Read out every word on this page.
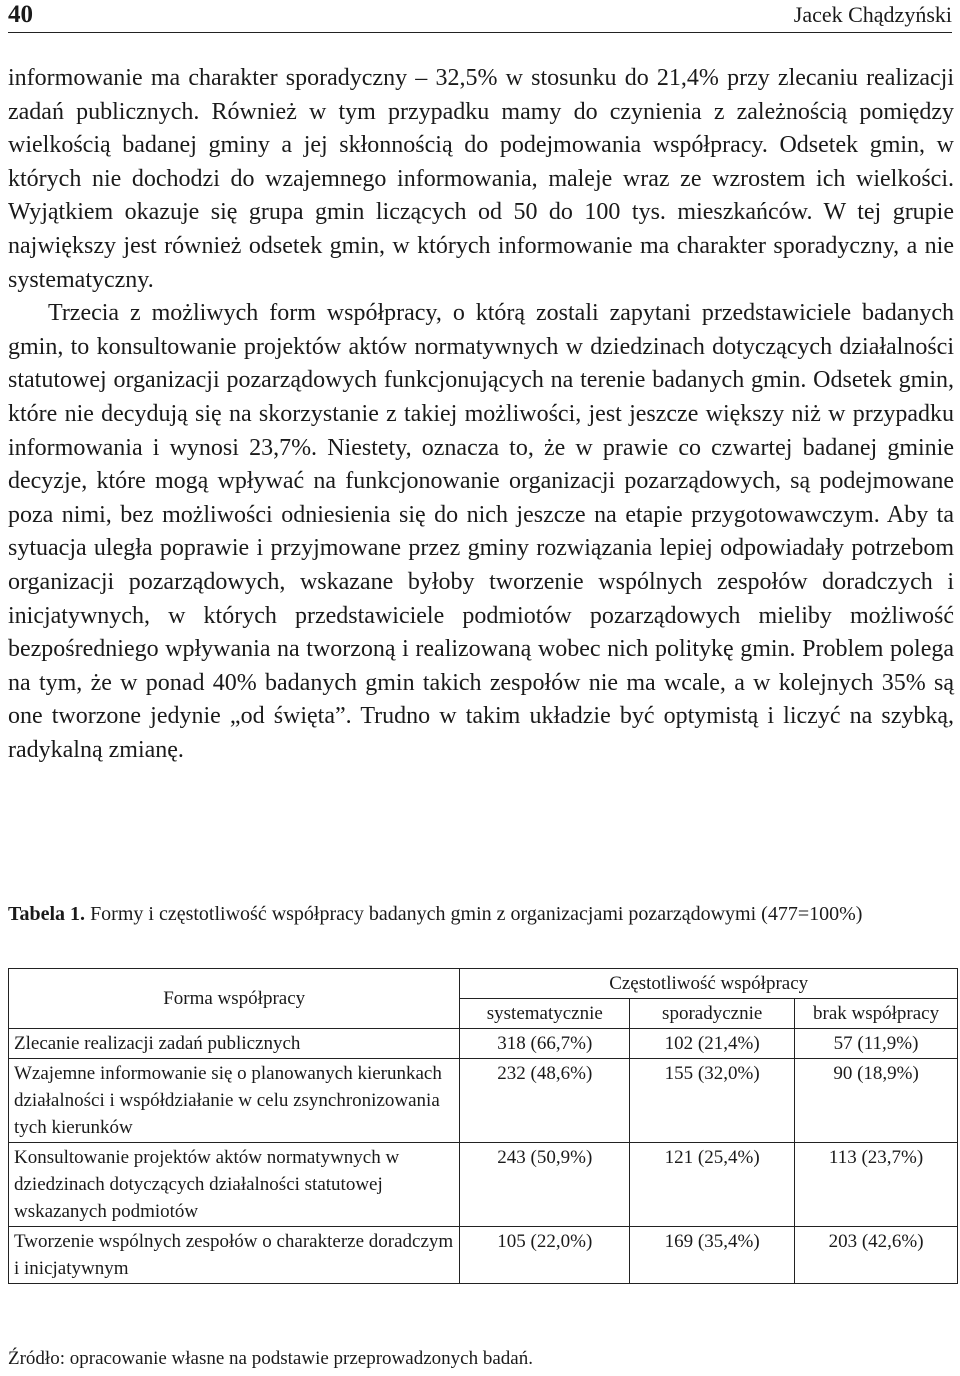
40	Jacek Chądzyński

informowanie ma charakter sporadyczny – 32,5% w stosunku do 21,4% przy zlecaniu realizacji zadań publicznych. Również w tym przypadku mamy do czynienia z zależnością pomiędzy wielkością badanej gminy a jej skłonnością do podejmowania współpracy. Odsetek gmin, w których nie dochodzi do wzajemnego informowania, maleje wraz ze wzrostem ich wielkości. Wyjątkiem okazuje się grupa gmin liczących od 50 do 100 tys. mieszkańców. W tej grupie największy jest również odsetek gmin, w których informowanie ma charakter sporadyczny, a nie systematyczny.

Trzecia z możliwych form współpracy, o którą zostali zapytani przedstawiciele badanych gmin, to konsultowanie projektów aktów normatywnych w dziedzinach dotyczących działalności statutowej organizacji pozarządowych funkcjonujących na terenie badanych gmin. Odsetek gmin, które nie decydują się na skorzystanie z takiej możliwości, jest jeszcze większy niż w przypadku informowania i wynosi 23,7%. Niestety, oznacza to, że w prawie co czwartej badanej gminie decyzje, które mogą wpływać na funkcjonowanie organizacji pozarządowych, są podejmowane poza nimi, bez możliwości odniesienia się do nich jeszcze na etapie przygotowawczym. Aby ta sytuacja uległa poprawie i przyjmowane przez gminy rozwiązania lepiej odpowiadały potrzebom organizacji pozarządowych, wskazane byłoby tworzenie wspólnych zespołów doradczych i inicjatywnych, w których przedstawiciele podmiotów pozarządowych mieliby możliwość bezpośredniego wpływania na tworzoną i realizowaną wobec nich politykę gmin. Problem polega na tym, że w ponad 40% badanych gmin takich zespołów nie ma wcale, a w kolejnych 35% są one tworzone jedynie „od święta”. Trudno w takim układzie być optymistą i liczyć na szybką, radykalną zmianę.

Tabela 1. Formy i częstotliwość współpracy badanych gmin z organizacjami pozarządowymi (477=100%)
Forma współpracy	Częstotliwość współpracy		
	systematycznie	sporadycznie	brak współpracy
Zlecanie realizacji zadań publicznych	318 (66,7%)	102 (21,4%)	57 (11,9%)
Wzajemne informowanie się o planowanych kierunkach działalności i współdziałanie w celu zsynchronizowania tych kierunków	232 (48,6%)	155 (32,0%)	90 (18,9%)
Konsultowanie projektów aktów normatywnych w dziedzinach dotyczących działalności statutowej wskazanych podmiotów	243 (50,9%)	121 (25,4%)	113 (23,7%)
Tworzenie wspólnych zespołów o charakterze doradczym i inicjatywnym	105 (22,0%)	169 (35,4%)	203 (42,6%)
Źródło: opracowanie własne na podstawie przeprowadzonych badań.
